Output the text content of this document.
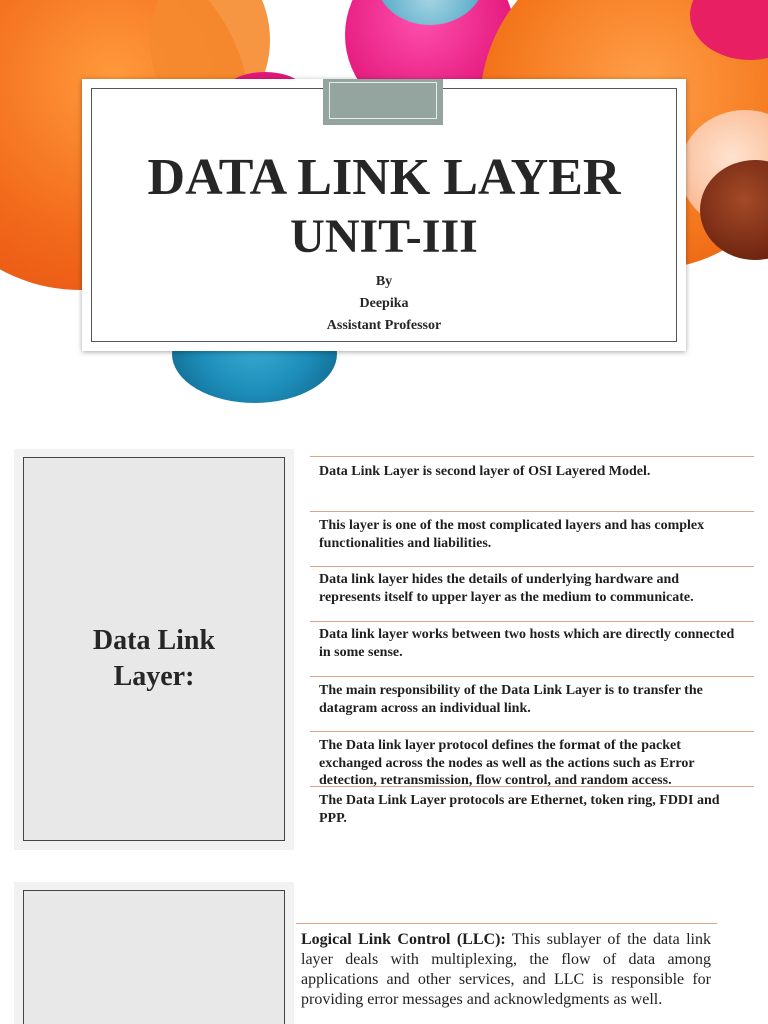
DATA LINK LAYER
UNIT-III
By
Deepika
Assistant Professor
Data Link
Layer:

Data Link Layer is second layer of OSI Layered Model.

This layer is one of the most complicated layers and has complex functionalities and liabilities.

Data link layer hides the details of underlying hardware and represents itself to upper layer as the medium to communicate.

Data link layer works between two hosts which are directly connected in some sense.

The main responsibility of the Data Link Layer is to transfer the datagram across an individual link.

The Data link layer protocol defines the format of the packet exchanged across the nodes as well as the actions such as Error detection, retransmission, flow control, and random access.

The Data Link Layer protocols are Ethernet, token ring, FDDI and PPP.

Logical Link Control (LLC): This sublayer of the data link layer deals with multiplexing, the flow of data among applications and other services, and LLC is responsible for providing error messages and acknowledgments as well.
